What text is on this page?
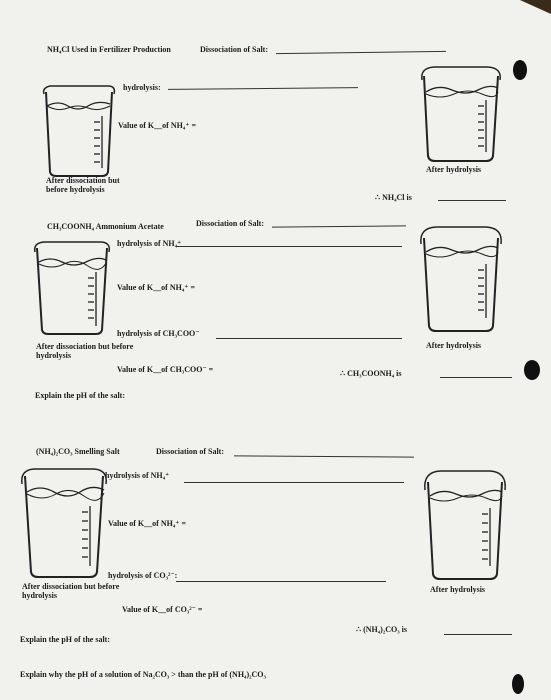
NH₄Cl Used in Fertilizer Production	Dissociation of Salt:
hydrolysis:
Value of K__of NH₄⁺ =
After dissociation but before hydrolysis
After hydrolysis
∴ NH₄Cl is
CH₃COONH₄ Ammonium Acetate	Dissociation of Salt:
hydrolysis of NH₄⁺
Value of K__of NH₄⁺ =
hydrolysis of CH₃COO⁻
After dissociation but before hydrolysis
Value of K__of CH₃COO⁻ =
After hydrolysis
∴ CH₃COONH₄ is
Explain the pH of the salt:
(NH₄)₂CO₃ Smelling Salt	Dissociation of Salt:
hydrolysis of NH₄⁺
Value of K__of NH₄⁺ =
hydrolysis of CO₃²⁻:
After dissociation but before hydrolysis
Value of K__of CO₃²⁻ =
After hydrolysis
∴ (NH₄)₂CO₃ is
Explain the pH of the salt:
Explain why the pH of a solution of Na₂CO₃ > than the pH of (NH₄)₂CO₃
